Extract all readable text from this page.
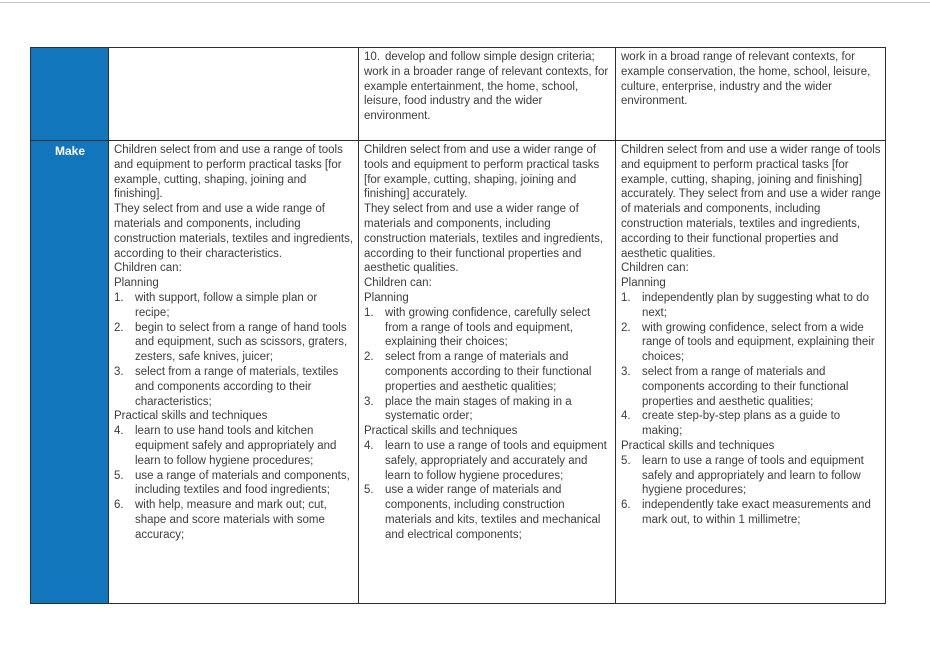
10. develop and follow simple design criteria;
work in a broader range of relevant contexts, for example entertainment, the home, school, leisure, food industry and the wider environment.
work in a broad range of relevant contexts, for example conservation, the home, school, leisure, culture, enterprise, industry and the wider environment.
Make	Children select from and use a range of tools and equipment to perform practical tasks [for example, cutting, shaping, joining and finishing].
They select from and use a wide range of materials and components, including construction materials, textiles and ingredients, according to their characteristics.
Children can:
Planning
1. with support, follow a simple plan or recipe;
2. begin to select from a range of hand tools and equipment, such as scissors, graters, zesters, safe knives, juicer;
3. select from a range of materials, textiles and components according to their characteristics;
Practical skills and techniques
4. learn to use hand tools and kitchen equipment safely and appropriately and learn to follow hygiene procedures;
5. use a range of materials and components, including textiles and food ingredients;
6. with help, measure and mark out; cut, shape and score materials with some accuracy;
Children select from and use a wider range of tools and equipment to perform practical tasks [for example, cutting, shaping, joining and finishing] accurately.
They select from and use a wider range of materials and components, including construction materials, textiles and ingredients, according to their functional properties and aesthetic qualities.
Children can:
Planning
1. with growing confidence, carefully select from a range of tools and equipment, explaining their choices;
2. select from a range of materials and components according to their functional properties and aesthetic qualities;
3. place the main stages of making in a systematic order;
Practical skills and techniques
4. learn to use a range of tools and equipment safely, appropriately and accurately and learn to follow hygiene procedures;
5. use a wider range of materials and components, including construction materials and kits, textiles and mechanical and electrical components;
Children select from and use a wider range of tools and equipment to perform practical tasks [for example, cutting, shaping, joining and finishing] accurately. They select from and use a wider range of materials and components, including construction materials, textiles and ingredients, according to their functional properties and aesthetic qualities.
Children can:
Planning
1. independently plan by suggesting what to do next;
2. with growing confidence, select from a wide range of tools and equipment, explaining their choices;
3. select from a range of materials and components according to their functional properties and aesthetic qualities;
4. create step-by-step plans as a guide to making;
Practical skills and techniques
5. learn to use a range of tools and equipment safely and appropriately and learn to follow hygiene procedures;
6. independently take exact measurements and mark out, to within 1 millimetre;
